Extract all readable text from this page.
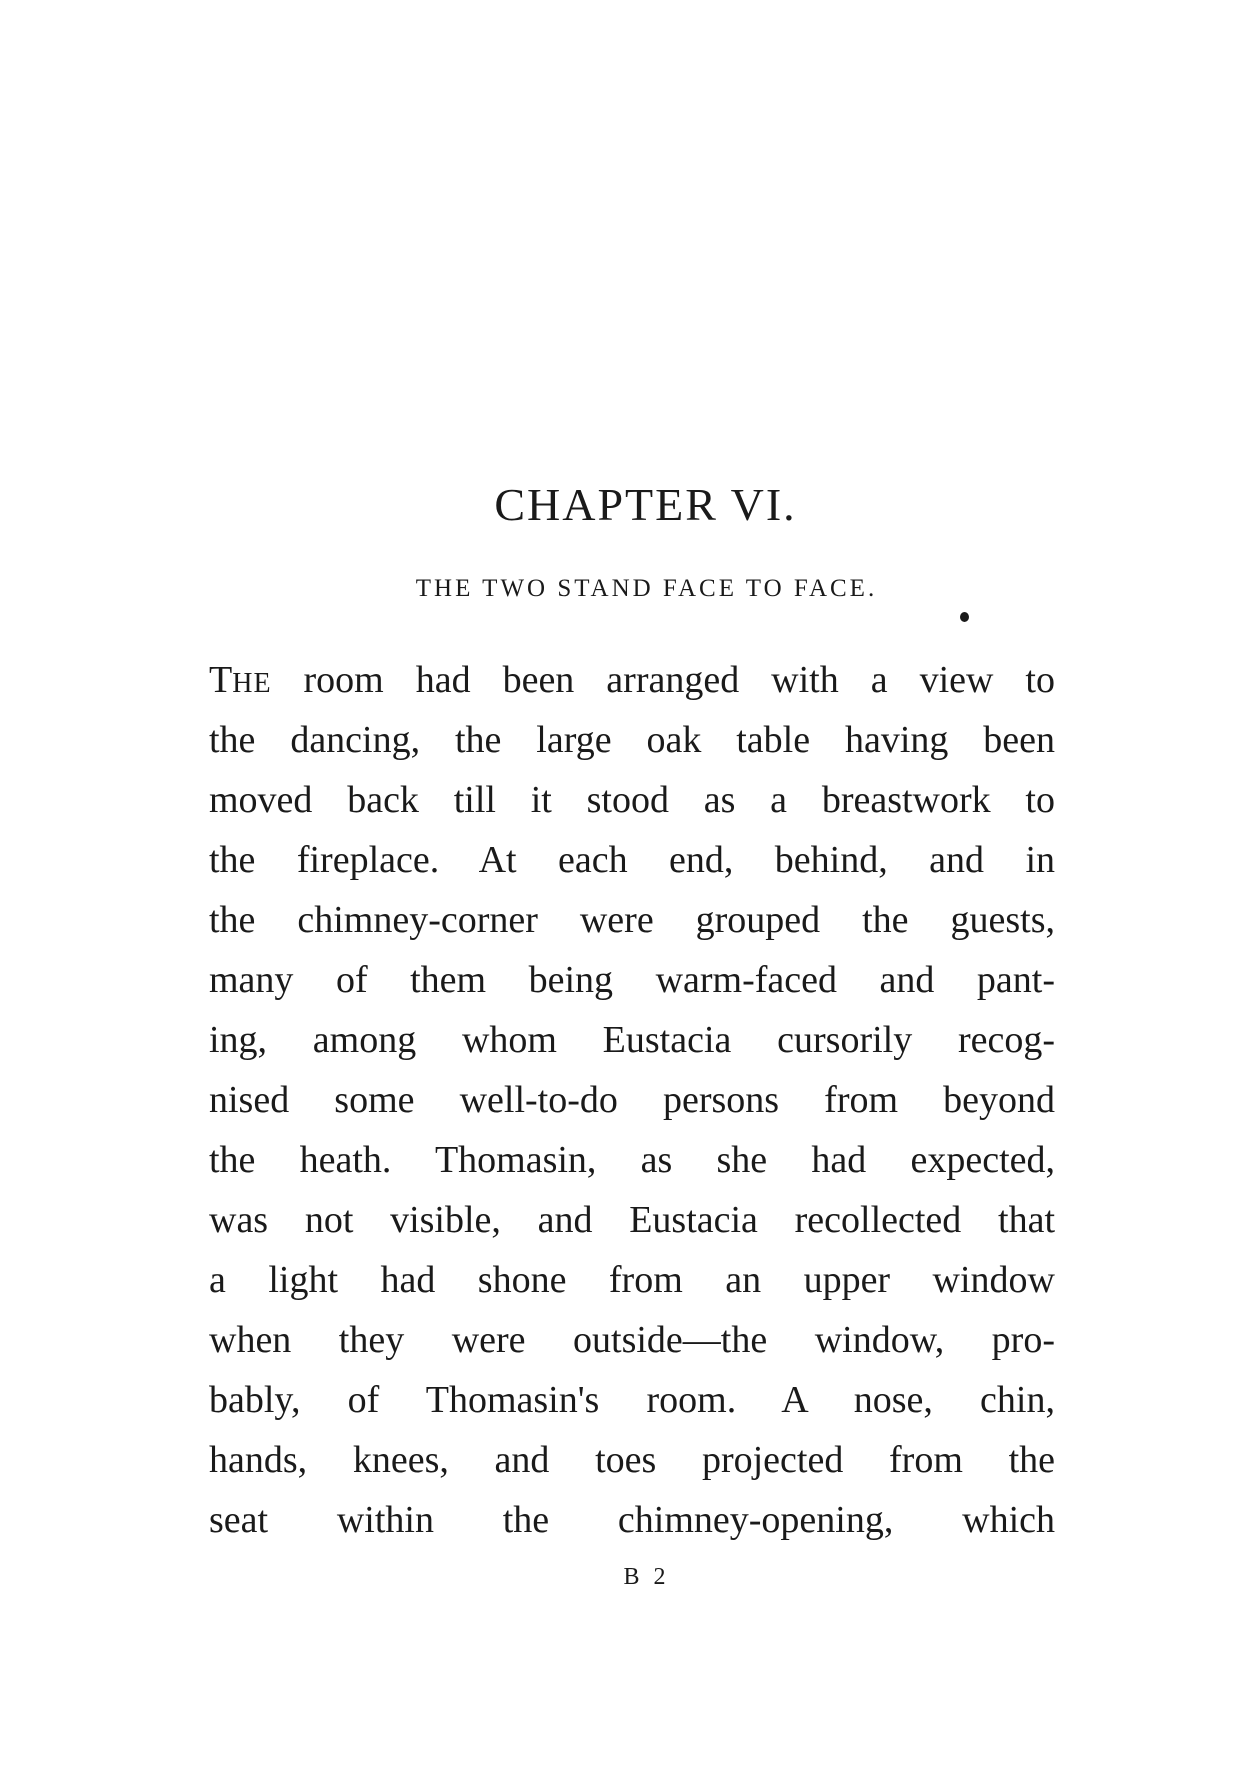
CHAPTER VI.
THE TWO STAND FACE TO FACE.
THE room had been arranged with a view to
the dancing, the large oak table having been
moved back till it stood as a breastwork to
the fireplace. At each end, behind, and in
the chimney-corner were grouped the guests,
many of them being warm-faced and pant-
ing, among whom Eustacia cursorily recog-
nised some well-to-do persons from beyond
the heath. Thomasin, as she had expected,
was not visible, and Eustacia recollected that
a light had shone from an upper window
when they were outside—the window, pro-
bably, of Thomasin's room. A nose, chin,
hands, knees, and toes projected from the
seat within the chimney-opening, which
B 2
